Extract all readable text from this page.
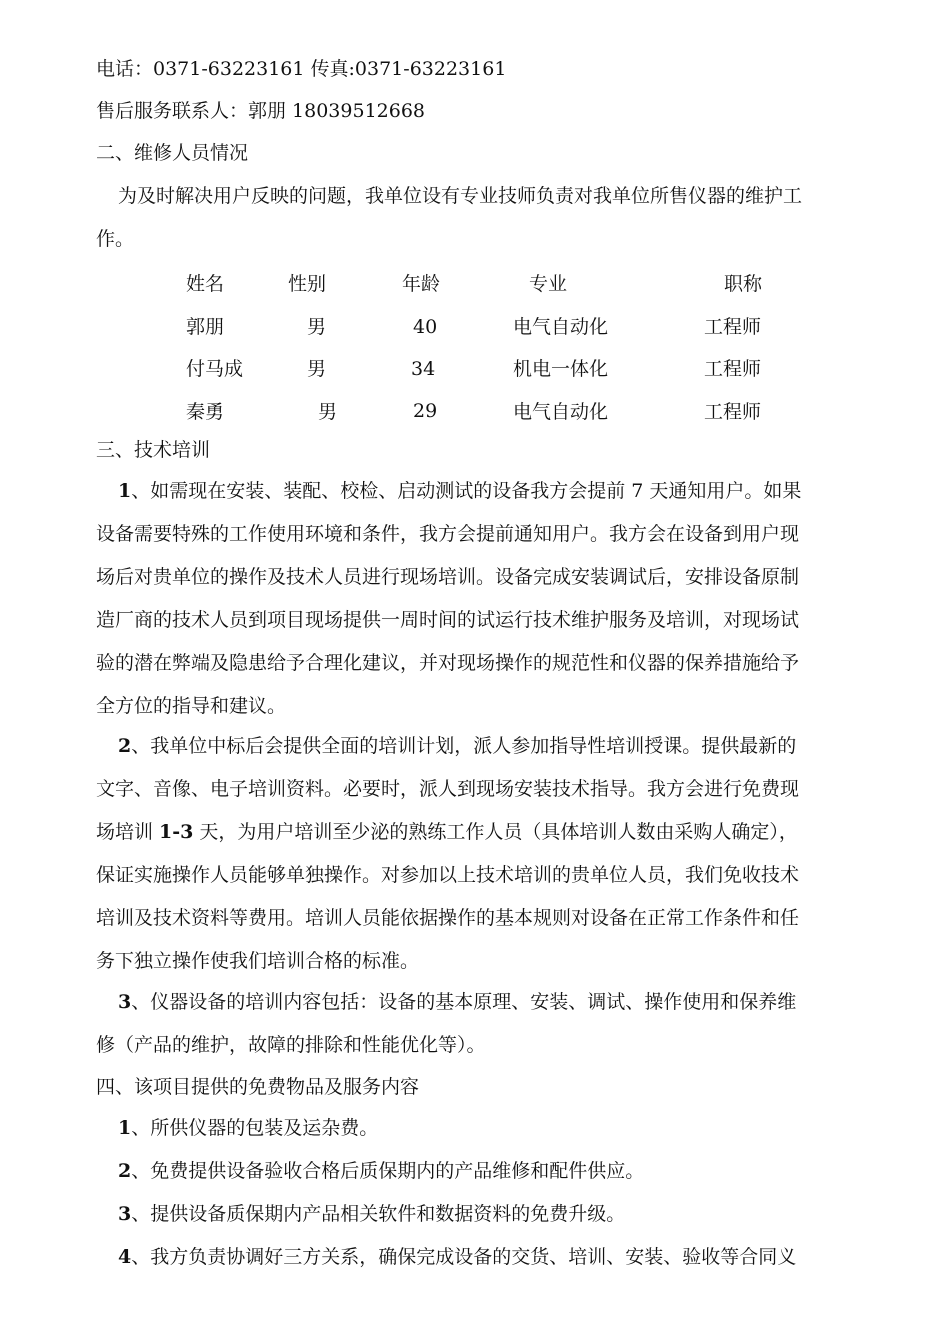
电话：0371-63223161 传真:0371-63223161
售后服务联系人：郭朋 18039512668
二、维修人员情况
为及时解决用户反映的问题，我单位设有专业技师负责对我单位所售仪器的维护工
作。
姓名	性别	年龄	专业	职称
郭朋	男	40	电气自动化	工程师
付马成	男	34	机电一体化	工程师
秦勇	男	29	电气自动化	工程师
三、技术培训
1、如需现在安装、装配、校检、启动测试的设备我方会提前 7 天通知用户。如果
设备需要特殊的工作使用环境和条件，我方会提前通知用户。我方会在设备到用户现
场后对贵单位的操作及技术人员进行现场培训。设备完成安装调试后，安排设备原制
造厂商的技术人员到项目现场提供一周时间的试运行技术维护服务及培训，对现场试
验的潜在弊端及隐患给予合理化建议，并对现场操作的规范性和仪器的保养措施给予
全方位的指导和建议。
2、我单位中标后会提供全面的培训计划，派人参加指导性培训授课。提供最新的
文字、音像、电子培训资料。必要时，派人到现场安装技术指导。我方会进行免费现
场培训 1-3 天，为用户培训至少泌的熟练工作人员（具体培训人数由采购人确定），
保证实施操作人员能够单独操作。对参加以上技术培训的贵单位人员，我们免收技术
培训及技术资料等费用。培训人员能依据操作的基本规则对设备在正常工作条件和任
务下独立操作使我们培训合格的标准。
3、仪器设备的培训内容包括：设备的基本原理、安装、调试、操作使用和保养维
修（产品的维护，故障的排除和性能优化等）。
四、该项目提供的免费物品及服务内容
1、所供仪器的包装及运杂费。
2、免费提供设备验收合格后质保期内的产品维修和配件供应。
3、提供设备质保期内产品相关软件和数据资料的免费升级。
4、我方负责协调好三方关系，确保完成设备的交货、培训、安装、验收等合同义
